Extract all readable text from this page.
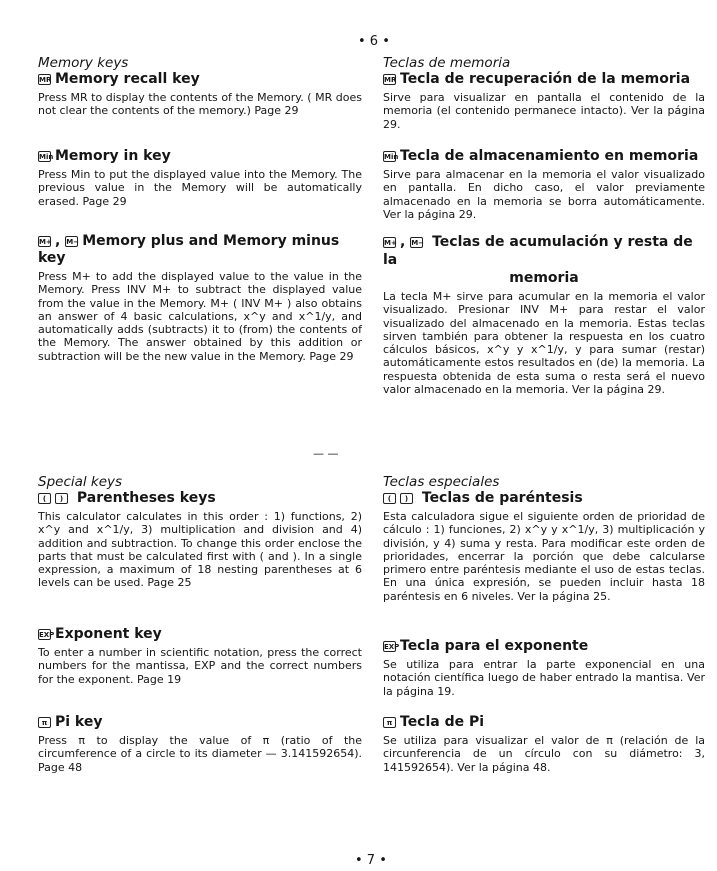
• 6 •
• 7 •
— —
Memory keys
MR Memory recall key

Press MR to display the contents of the Memory. ( MR does not clear the contents of the memory.) Page 29

Min Memory in key

Press Min to put the displayed value into the Memory. The previous value in the Memory will be automatically erased. Page 29

M+ , M− Memory plus and Memory minus key

Press M+ to add the displayed value to the value in the Memory. Press INV M+ to subtract the displayed value from the value in the Memory. M+ ( INV M+ ) also obtains an answer of 4 basic calculations, x^y and x^1/y, and automatically adds (subtracts) it to (from) the contents of the Memory. The answer obtained by this addition or subtraction will be the new value in the Memory. Page 29

Special keys
( ) Parentheses keys

This calculator calculates in this order : 1) functions, 2) x^y and x^1/y, 3) multiplication and division and 4) addition and subtraction. To change this order enclose the parts that must be calculated first with ( and ). In a single expression, a maximum of 18 nesting parentheses at 6 levels can be used. Page 25

EXPExponent key

To enter a number in scientific notation, press the correct numbers for the mantissa, EXP and the correct numbers for the exponent. Page 19

π Pi key

Press π to display the value of π (ratio of the circumference of a circle to its diameter — 3.141592654). Page 48

Teclas de memoria
MR Tecla de recuperación de la memoria

Sirve para visualizar en pantalla el contenido de la memoria (el contenido permanece intacto). Ver la página 29.

Min Tecla de almacenamiento en memoria

Sirve para almacenar en la memoria el valor visualizado en pantalla. En dicho caso, el valor previamente almacenado en la memoria se borra automáticamente. Ver la página 29.

M+ , M− Teclas de acumulación y resta de la
memoria

La tecla M+ sirve para acumular en la memoria el valor visualizado. Presionar INV M+ para restar el valor visualizado del almacenado en la memoria. Estas teclas sirven también para obtener la respuesta en los cuatro cálculos básicos, x^y y x^1/y, y para sumar (restar) automáticamente estos resultados en (de) la memoria. La respuesta obtenida de esta suma o resta será el nuevo valor almacenado en la memoria. Ver la página 29.

Teclas especiales
( ) Teclas de paréntesis

Esta calculadora sigue el siguiente orden de prioridad de cálculo : 1) funciones, 2) x^y y x^1/y, 3) multiplicación y división, y 4) suma y resta. Para modificar este orden de prioridades, encerrar la porción que debe calcularse primero entre paréntesis mediante el uso de estas teclas. En una única expresión, se pueden incluir hasta 18 paréntesis en 6 niveles. Ver la página 25.

EXPTecla para el exponente

Se utiliza para entrar la parte exponencial en una notación científica luego de haber entrado la mantisa. Ver la página 19.

π Tecla de Pi

Se utiliza para visualizar el valor de π (relación de la circunferencia de un círculo con su diámetro: 3, 141592654). Ver la página 48.
